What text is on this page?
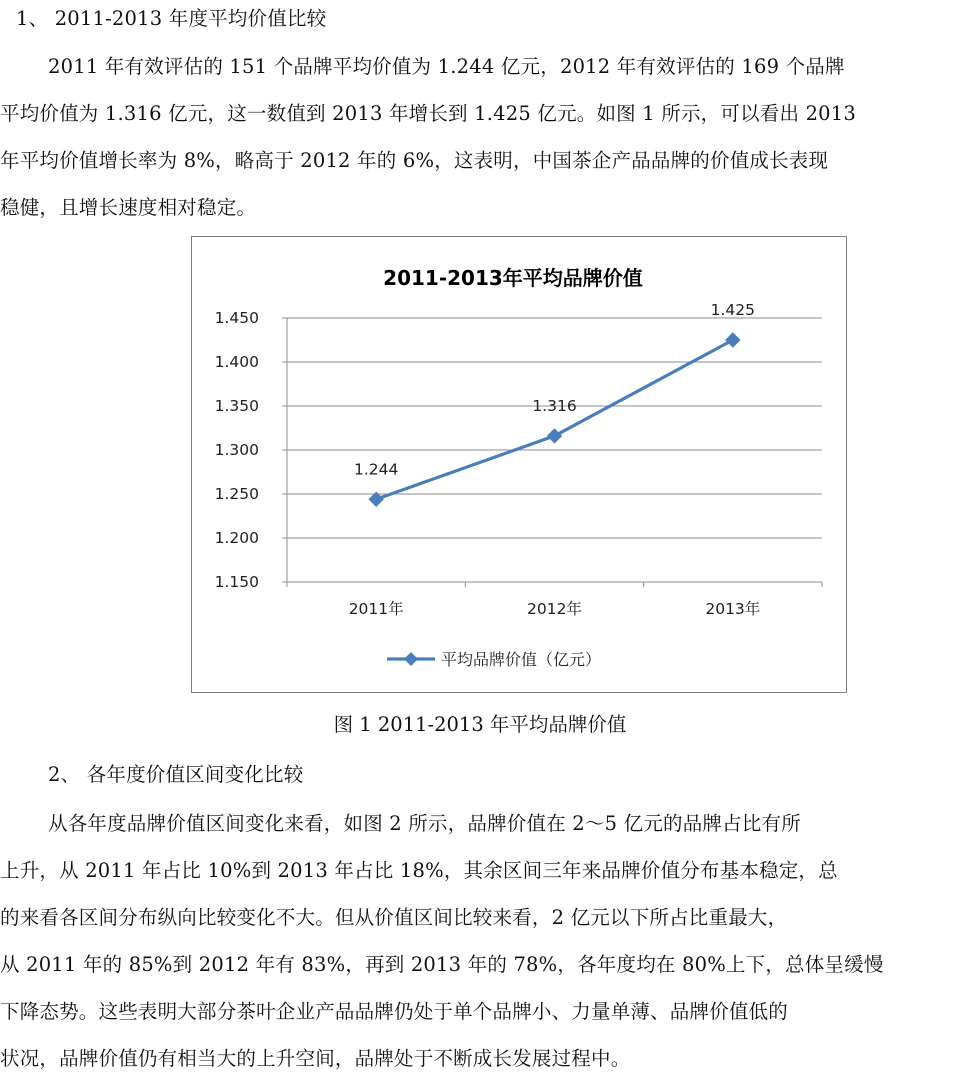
1、 2011-2013 年度平均价值比较
2011 年有效评估的 151 个品牌平均价值为 1.244 亿元，2012 年有效评估的 169 个品牌
平均价值为 1.316 亿元，这一数值到 2013 年增长到 1.425 亿元。如图 1 所示，可以看出 2013
年平均价值增长率为 8%，略高于 2012 年的 6%，这表明，中国茶企产品品牌的价值成长表现
稳健，且增长速度相对稳定。
2011-2013年平均品牌价值
1.450
1.400
1.350
1.300
1.250
1.200
1.150
2011年	2012年	2013年
1.244
1.316
1.425
平均品牌价值（亿元）
图 1 2011-2013 年平均品牌价值
2、 各年度价值区间变化比较
从各年度品牌价值区间变化来看，如图 2 所示，品牌价值在 2～5 亿元的品牌占比有所
上升，从 2011 年占比 10%到 2013 年占比 18%，其余区间三年来品牌价值分布基本稳定，总
的来看各区间分布纵向比较变化不大。但从价值区间比较来看，2 亿元以下所占比重最大，
从 2011 年的 85%到 2012 年有 83%，再到 2013 年的 78%，各年度均在 80%上下，总体呈缓慢
下降态势。这些表明大部分茶叶企业产品品牌仍处于单个品牌小、力量单薄、品牌价值低的
状况，品牌价值仍有相当大的上升空间，品牌处于不断成长发展过程中。
